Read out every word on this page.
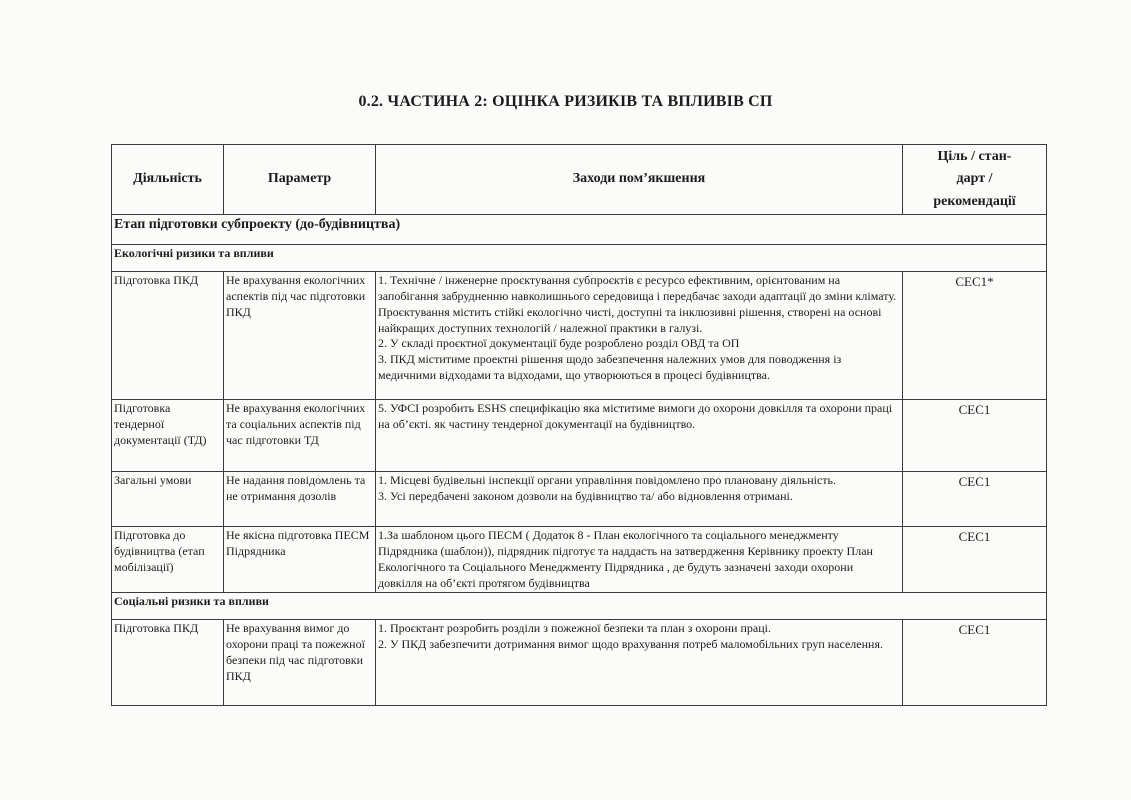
0.2. ЧАСТИНА 2: ОЦІНКА РИЗИКІВ ТА ВПЛИВІВ СП
Діяльність	Параметр	Заходи пом’якшення	Ціль / стан-
дарт /
рекомендації
Етап підготовки субпроекту (до-будівництва)			
Екологічні ризики та впливи			
Підготовка ПКД	Не врахування екологічних аспектів під час підготовки ПКД	1. Технічне / інженерне проєктування субпроєктів є ресурсо ефективним, орієнтованим на запобігання забрудненню навколишнього середовища і передбачає заходи адаптації до зміни клімату. Проєктування містить стійкі екологічно чисті, доступні та інклюзивні рішення, створені на основі найкращих доступних технологій / належної практики в галузі.
2. У складі проєктної документації буде розроблено розділ ОВД та ОП
3. ПКД міститиме проектні рішення щодо забезпечення належних умов для поводження із медичними відходами та відходами, що утворюються в процесі будівництва.	CEC1*
Підготовка тендерної документації (ТД)	Не врахування екологічних та соціальних аспектів під час підготовки ТД	5. УФСІ розробить ESHS специфікацію яка міститиме вимоги до охорони довкілля та охорони праці на об’єкті. як частину тендерної документації на будівництво.	CEC1
Загальні умови	Не надання повідомлень та не отримання дозолів	1. Місцеві будівельні інспекції органи управління повідомлено про плановану діяльність.
3. Усі передбачені законом дозволи на будівництво та/ або відновлення отримані.	CEC1
Підготовка до будівництва (етап мобілізації)	Не якісна підготовка ПЕСМ Підрядника	1.За шаблоном цього ПЕСМ ( Додаток 8 - План екологічного та соціального менеджменту Підрядника (шаблон)), підрядник підготує та наддасть на затвердження Керівнику проекту План Екологічного та Соціального Менеджменту Підрядника , де будуть зазначені заходи охорони довкілля на об’єкті протягом будівництва	CEC1
Соціальні ризики та впливи			
Підготовка ПКД	Не врахування вимог до охорони праці та пожежної безпеки під час підготовки ПКД	1. Проєктант розробить розділи з пожежної безпеки та план з охорони праці.
2. У ПКД забезпечити дотримання вимог щодо врахування потреб маломобільних груп населення.	CEC1
